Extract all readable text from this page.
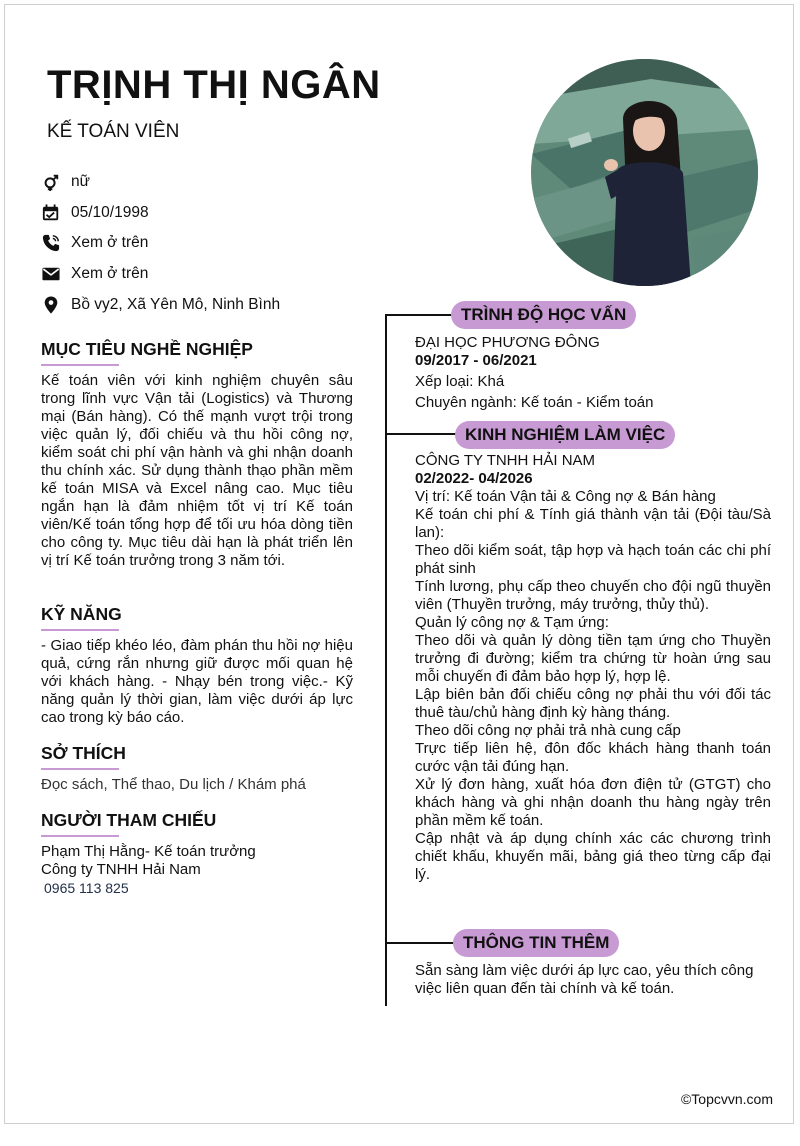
TRỊNH THỊ NGÂN
KẾ TOÁN VIÊN
nữ
05/10/1998
Xem ở trên
Xem ở trên
Bồ vy2, Xã Yên Mô, Ninh Bình
MỤC TIÊU NGHỀ NGHIỆP
Kế toán viên với kinh nghiệm chuyên sâu trong lĩnh vực Vận tải (Logistics) và Thương mại (Bán hàng). Có thế mạnh vượt trội trong việc quản lý, đối chiếu và thu hồi công nợ, kiểm soát chi phí vận hành và ghi nhận doanh thu chính xác. Sử dụng thành thạo phần mềm kế toán MISA và Excel nâng cao. Mục tiêu ngắn hạn là đảm nhiệm tốt vị trí Kế toán viên/Kế toán tổng hợp để tối ưu hóa dòng tiền cho công ty. Mục tiêu dài hạn là phát triển lên vị trí Kế toán trưởng trong 3 năm tới.
KỸ NĂNG
- Giao tiếp khéo léo, đàm phán thu hồi nợ hiệu quả, cứng rắn nhưng giữ được mối quan hệ với khách hàng. - Nhạy bén trong việc.- Kỹ năng quản lý thời gian, làm việc dưới áp lực cao trong kỳ báo cáo.
SỞ THÍCH
Đọc sách, Thể thao, Du lịch / Khám phá
NGƯỜI THAM CHIẾU
Phạm Thị Hằng- Kế toán trưởng
Công ty TNHH Hải Nam
0965 113 825
TRÌNH ĐỘ HỌC VẤN
ĐẠI HỌC PHƯƠNG ĐÔNG
09/2017 - 06/2021
Xếp loại: Khá
Chuyên ngành: Kế toán - Kiểm toán
KINH NGHIỆM LÀM VIỆC
CÔNG TY TNHH HẢI NAM
02/2022- 04/2026
Vị trí: Kế toán Vận tải & Công nợ & Bán hàng
Kế toán chi phí & Tính giá thành vận tải (Đội tàu/Sà lan):
Theo dõi kiểm soát, tập hợp và hạch toán các chi phí phát sinh
Tính lương, phụ cấp theo chuyến cho đội ngũ thuyền viên (Thuyền trưởng, máy trưởng, thủy thủ).
Quản lý công nợ & Tạm ứng:
Theo dõi và quản lý dòng tiền tạm ứng cho Thuyền trưởng đi đường; kiểm tra chứng từ hoàn ứng sau mỗi chuyến đi đảm bảo hợp lý, hợp lệ.
Lập biên bản đối chiếu công nợ phải thu với đối tác thuê tàu/chủ hàng định kỳ hàng tháng.
Theo dõi công nợ phải trả nhà cung cấp
Trực tiếp liên hệ, đôn đốc khách hàng thanh toán cước vận tải đúng hạn.
Xử lý đơn hàng, xuất hóa đơn điện tử (GTGT) cho khách hàng và ghi nhận doanh thu hàng ngày trên phần mềm kế toán.
Cập nhật và áp dụng chính xác các chương trình chiết khấu, khuyến mãi, bảng giá theo từng cấp đại lý.
THÔNG TIN THÊM
Sẵn sàng làm việc dưới áp lực cao, yêu thích công việc liên quan đến tài chính và kế toán.
©Topcvvn.com
